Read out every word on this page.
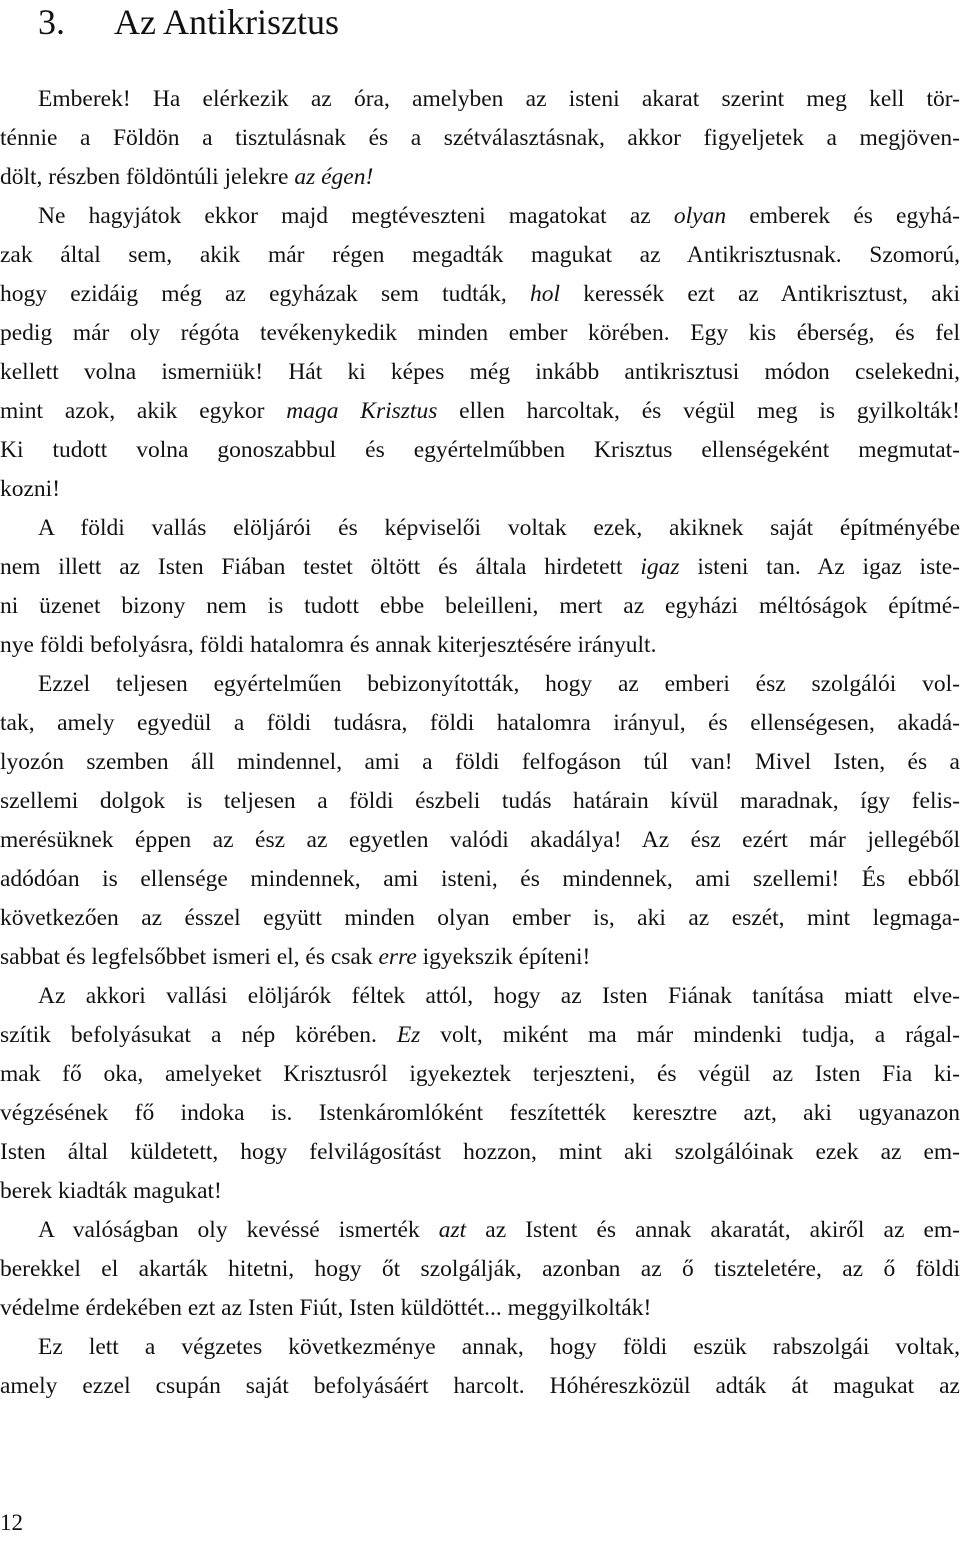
3. Az Antikrisztus
Emberek! Ha elérkezik az óra, amelyben az isteni akarat szerint meg kell tör-
ténnie a Földön a tisztulásnak és a szétválasztásnak, akkor figyeljetek a megjöven-
dölt, részben földöntúli jelekre az égen!
Ne hagyjátok ekkor majd megtéveszteni magatokat az olyan emberek és egyhá-
zak által sem, akik már régen megadták magukat az Antikrisztusnak. Szomorú,
hogy ezidáig még az egyházak sem tudták, hol keressék ezt az Antikrisztust, aki
pedig már oly régóta tevékenykedik minden ember körében. Egy kis éberség, és fel
kellett volna ismerniük! Hát ki képes még inkább antikrisztusi módon cselekedni,
mint azok, akik egykor maga Krisztus ellen harcoltak, és végül meg is gyilkolták!
Ki tudott volna gonoszabbul és egyértelműbben Krisztus ellenségeként megmutat-
kozni!
A földi vallás elöljárói és képviselői voltak ezek, akiknek saját építményébe
nem illett az Isten Fiában testet öltött és általa hirdetett igaz isteni tan. Az igaz iste-
ni üzenet bizony nem is tudott ebbe beleilleni, mert az egyházi méltóságok építmé-
nye földi befolyásra, földi hatalomra és annak kiterjesztésére irányult.
Ezzel teljesen egyértelműen bebizonyították, hogy az emberi ész szolgálói vol-
tak, amely egyedül a földi tudásra, földi hatalomra irányul, és ellenségesen, akadá-
lyozón szemben áll mindennel, ami a földi felfogáson túl van! Mivel Isten, és a
szellemi dolgok is teljesen a földi észbeli tudás határain kívül maradnak, így felis-
merésüknek éppen az ész az egyetlen valódi akadálya! Az ész ezért már jellegéből
adódóan is ellensége mindennek, ami isteni, és mindennek, ami szellemi! És ebből
következően az ésszel együtt minden olyan ember is, aki az eszét, mint legmaga-
sabbat és legfelsőbbet ismeri el, és csak erre igyekszik építeni!
Az akkori vallási elöljárók féltek attól, hogy az Isten Fiának tanítása miatt elve-
szítik befolyásukat a nép körében. Ez volt, miként ma már mindenki tudja, a rágal-
mak fő oka, amelyeket Krisztusról igyekeztek terjeszteni, és végül az Isten Fia ki-
végzésének fő indoka is. Istenkáromlóként feszítették keresztre azt, aki ugyanazon
Isten által küldetett, hogy felvilágosítást hozzon, mint aki szolgálóinak ezek az em-
berek kiadták magukat!
A valóságban oly kevéssé ismerték azt az Istent és annak akaratát, akiről az em-
berekkel el akarták hitetni, hogy őt szolgálják, azonban az ő tiszteletére, az ő földi
védelme érdekében ezt az Isten Fiút, Isten küldöttét... meggyilkolták!
Ez lett a végzetes következménye annak, hogy földi eszük rabszolgái voltak,
amely ezzel csupán saját befolyásáért harcolt. Hóhéreszközül adták át magukat az
12
